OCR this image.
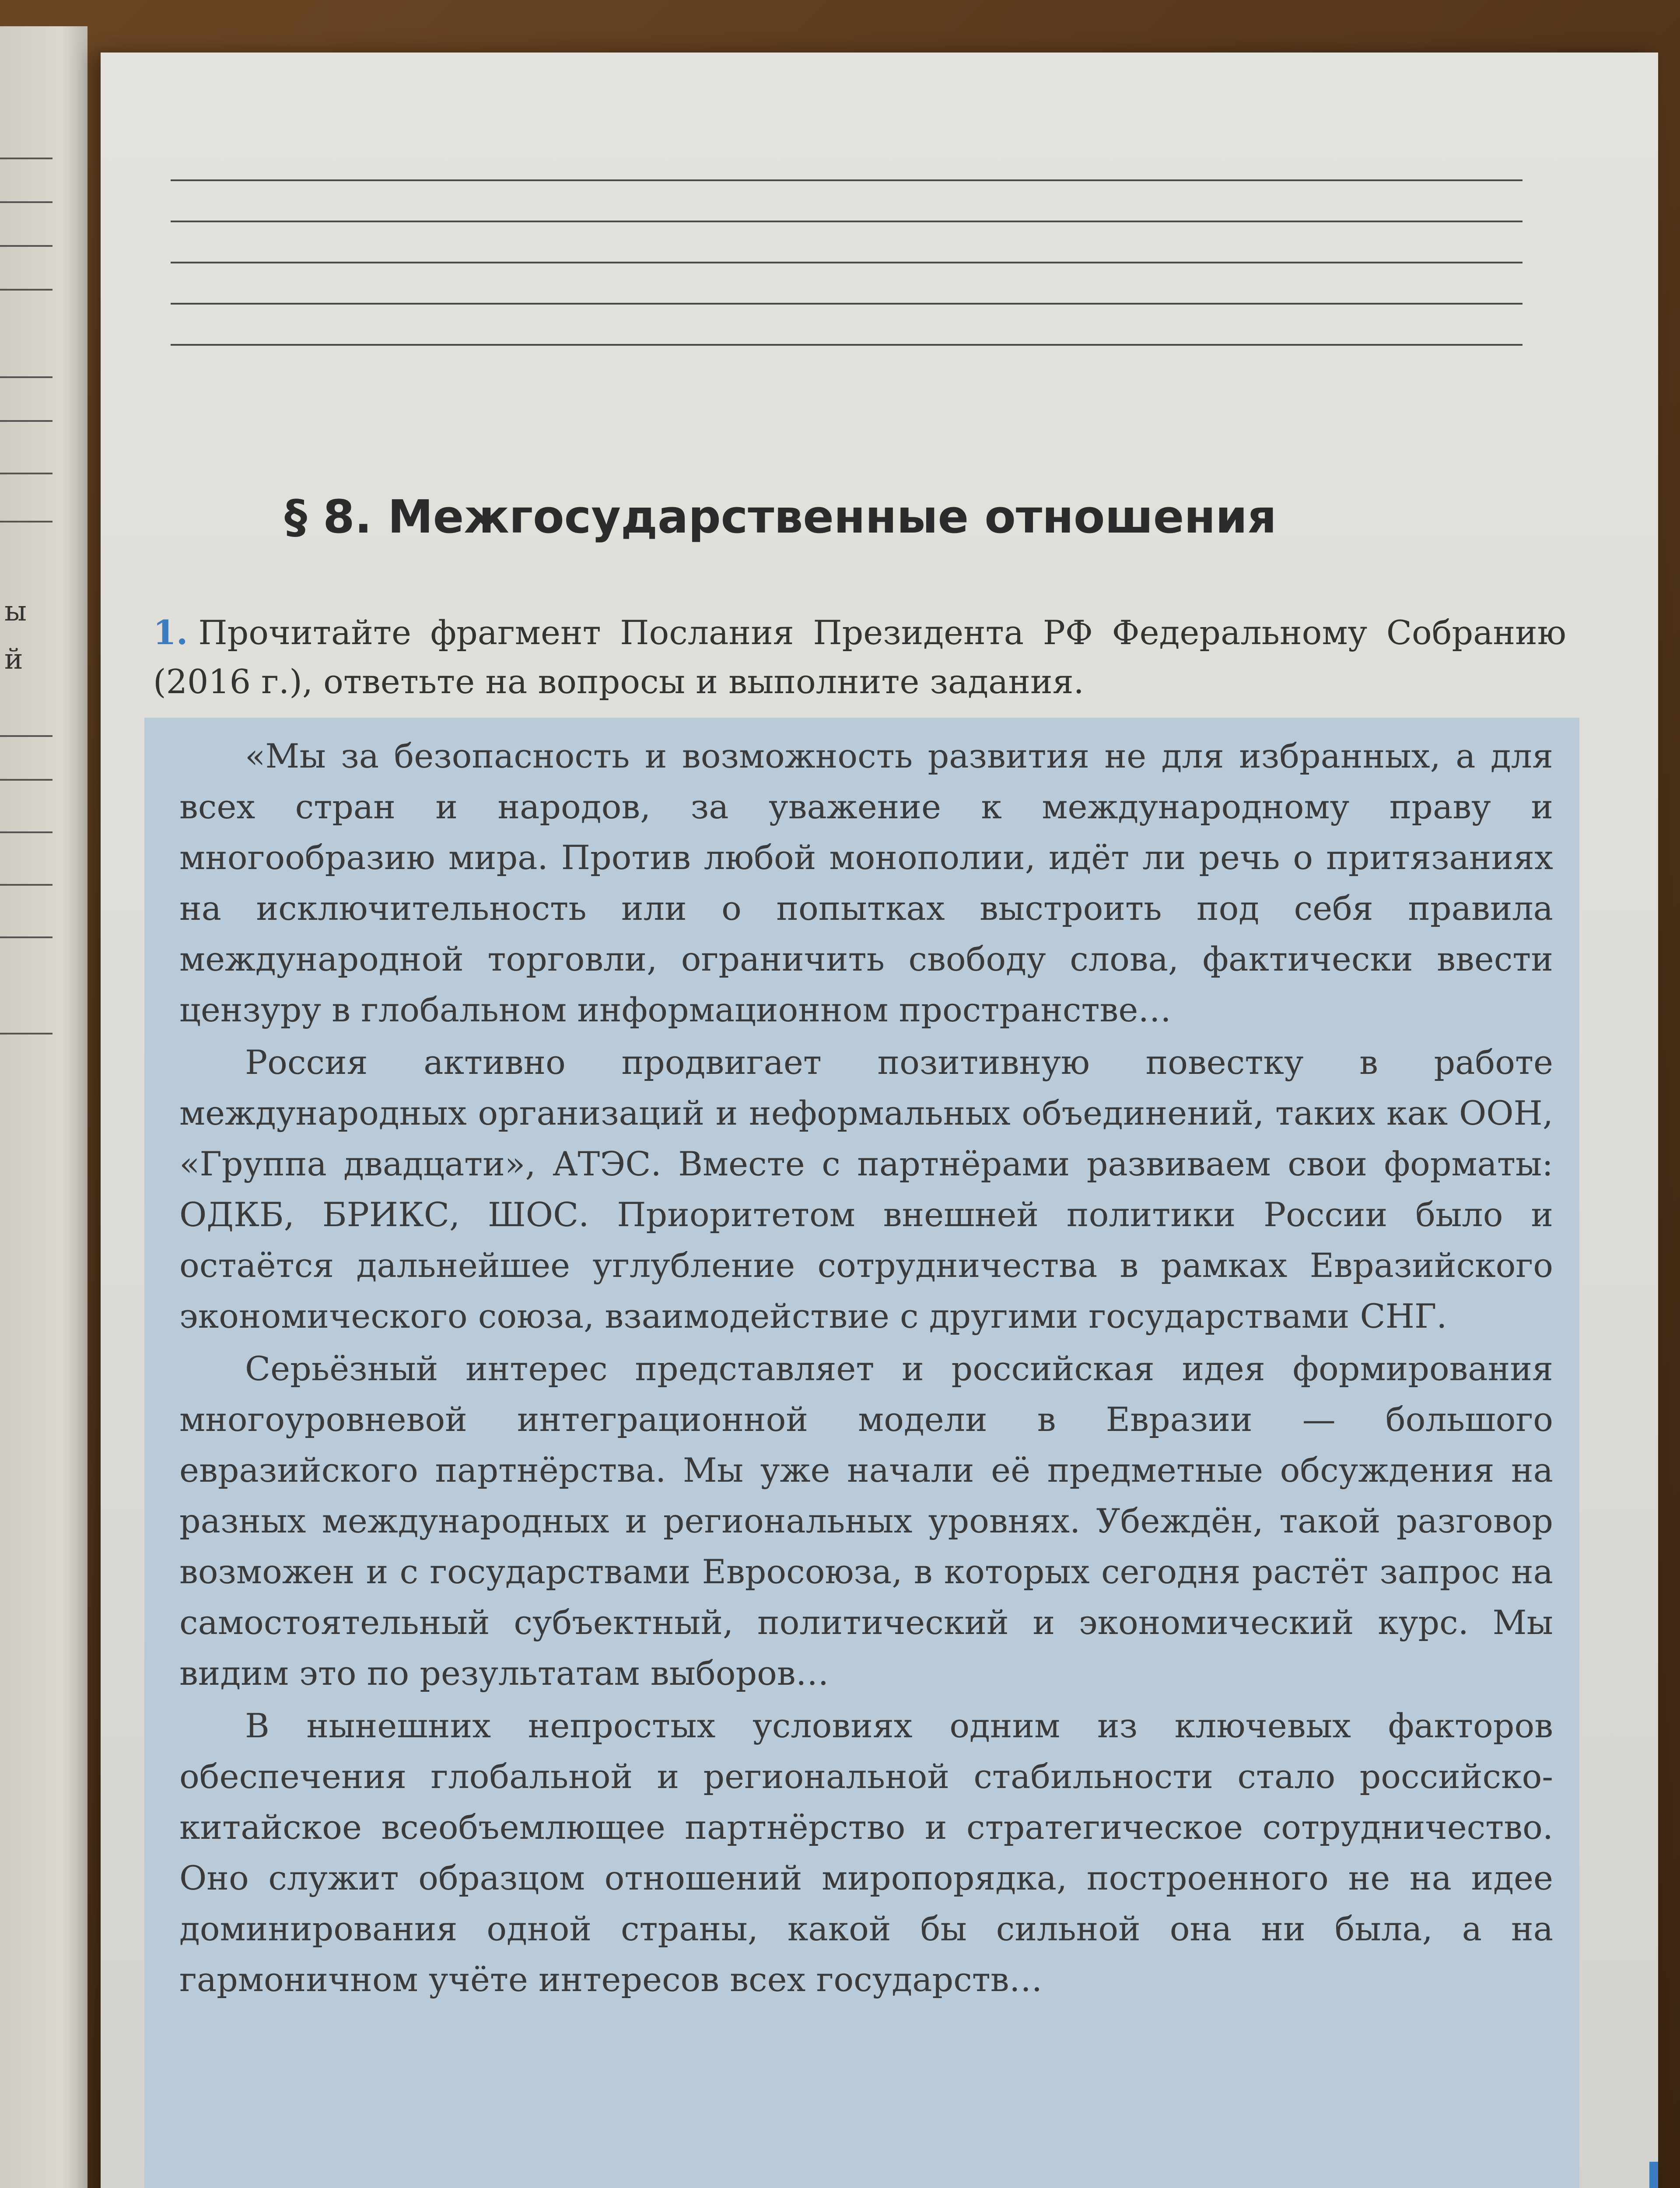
ы
й
§ 8. Межгосударственные отношения
1. Прочитайте фрагмент Послания Президента РФ Федеральному Собранию (2016 г.), ответьте на вопросы и выполните задания.

«Мы за безопасность и возможность развития не для избранных, а для всех стран и народов, за уважение к международному праву и многообразию мира. Против любой монополии, идёт ли речь о притязаниях на исключительность или о попытках выстроить под себя правила международной торговли, ограничить свободу слова, фактически ввести цензуру в глобальном информационном пространстве…

Россия активно продвигает позитивную повестку в работе международных организаций и неформальных объединений, таких как ООН, «Группа двадцати», АТЭС. Вместе с партнёрами развиваем свои форматы: ОДКБ, БРИКС, ШОС. Приоритетом внешней политики России было и остаётся дальнейшее углубление сотрудничества в рамках Евразийского экономического союза, взаимодействие с другими государствами СНГ.

Серьёзный интерес представляет и российская идея формирования многоуровневой интеграционной модели в Евразии — большого евразийского партнёрства. Мы уже начали её предметные обсуждения на разных международных и региональных уровнях. Убеждён, такой разговор возможен и с государствами Евросоюза, в которых сегодня растёт запрос на самостоятельный субъектный, политический и экономический курс. Мы видим это по результатам выборов…

В нынешних непростых условиях одним из ключевых факторов обеспечения глобальной и региональной стабильности стало российско-китайское всеобъемлющее партнёрство и стратегическое сотрудничество. Оно служит образцом отношений миропорядка, построенного не на идее доминирования одной страны, какой бы сильной она ни была, а на гармоничном учёте интересов всех государств…
